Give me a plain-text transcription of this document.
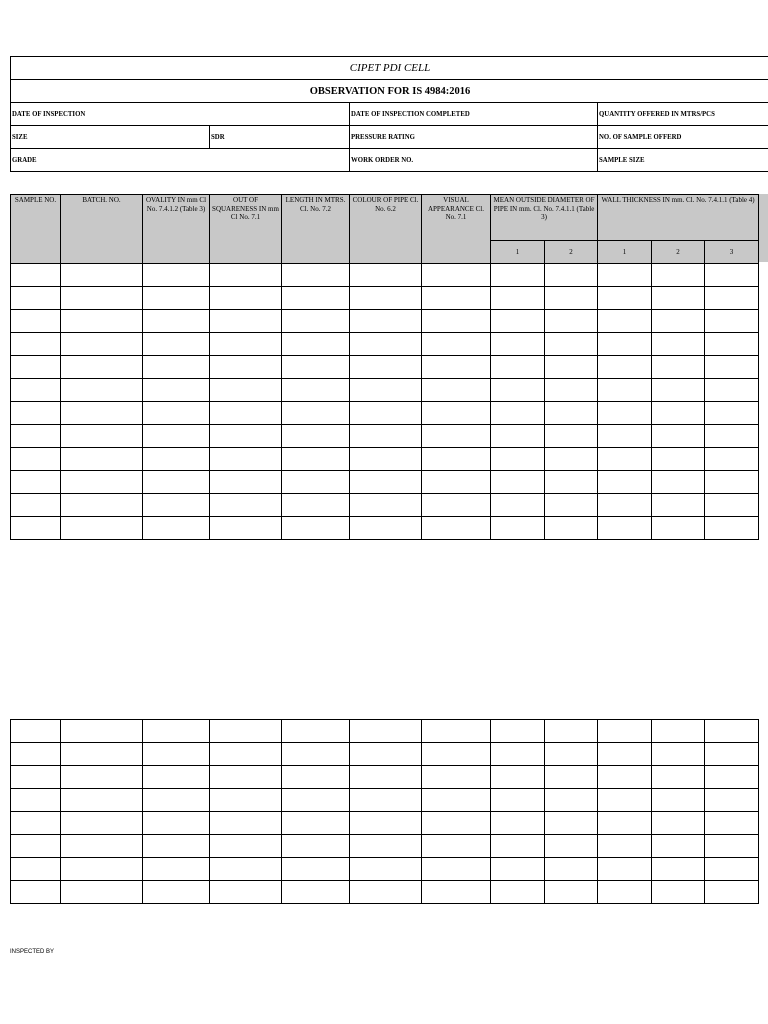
CIPET PDI CELL			
OBSERVATION FOR IS 4984:2016			
DATE OF INSPECTION		DATE OF INSPECTION COMPLETED	QUANTITY OFFERED IN MTRS/PCS
SIZE	SDR	PRESSURE RATING	NO. OF SAMPLE OFFERD
GRADE		WORK ORDER NO.	SAMPLE SIZE
SAMPLE NO.	BATCH. NO.	OVALITY IN mm Cl No. 7.4.1.2 (Table 3)	OUT OF SQUARENESS IN mm Cl No. 7.1	LENGTH IN MTRS. Cl. No. 7.2	COLOUR OF PIPE Cl. No. 6.2	VISUAL APPEARANCE Cl. No. 7.1	MEAN OUTSIDE DIAMETER OF PIPE IN mm. Cl. No. 7.4.1.1 (Table 3)		WALL THICKNESS IN mm. Cl. No. 7.4.1.1 (Table 4)		
							1	2	1	2	3

INSPECTED BY
